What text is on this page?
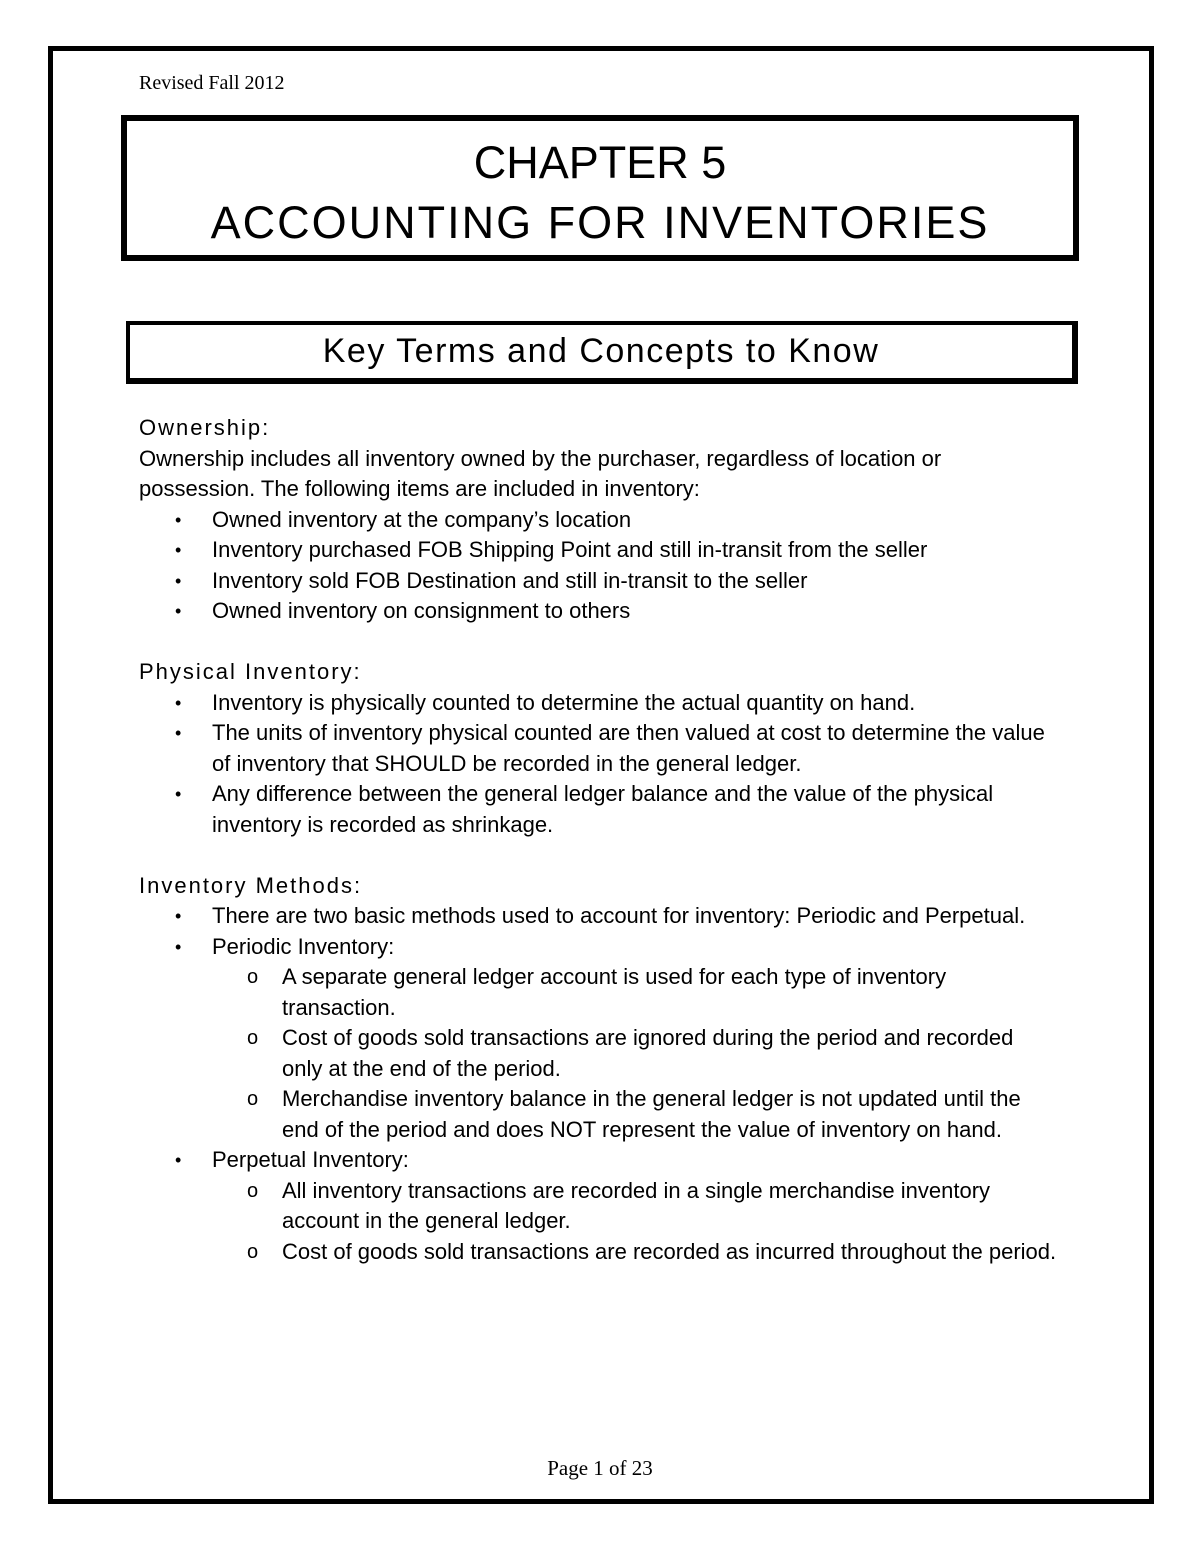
Revised Fall 2012
CHAPTER 5
ACCOUNTING FOR INVENTORIES
Key Terms and Concepts to Know

Ownership:

Ownership includes all inventory owned by the purchaser, regardless of location or possession. The following items are included in inventory:

• Owned inventory at the company’s location
• Inventory purchased FOB Shipping Point and still in-transit from the seller
• Inventory sold FOB Destination and still in-transit to the seller
• Owned inventory on consignment to others

Physical Inventory:

• Inventory is physically counted to determine the actual quantity on hand.
• The units of inventory physical counted are then valued at cost to determine the value of inventory that SHOULD be recorded in the general ledger.
• Any difference between the general ledger balance and the value of the physical inventory is recorded as shrinkage.

Inventory Methods:

• There are two basic methods used to account for inventory: Periodic and Perpetual.
• Periodic Inventory:
o A separate general ledger account is used for each type of inventory transaction.
o Cost of goods sold transactions are ignored during the period and recorded only at the end of the period.
o Merchandise inventory balance in the general ledger is not updated until the end of the period and does NOT represent the value of inventory on hand.
• Perpetual Inventory:
o All inventory transactions are recorded in a single merchandise inventory account in the general ledger.
o Cost of goods sold transactions are recorded as incurred throughout the period.
Page 1 of 23
